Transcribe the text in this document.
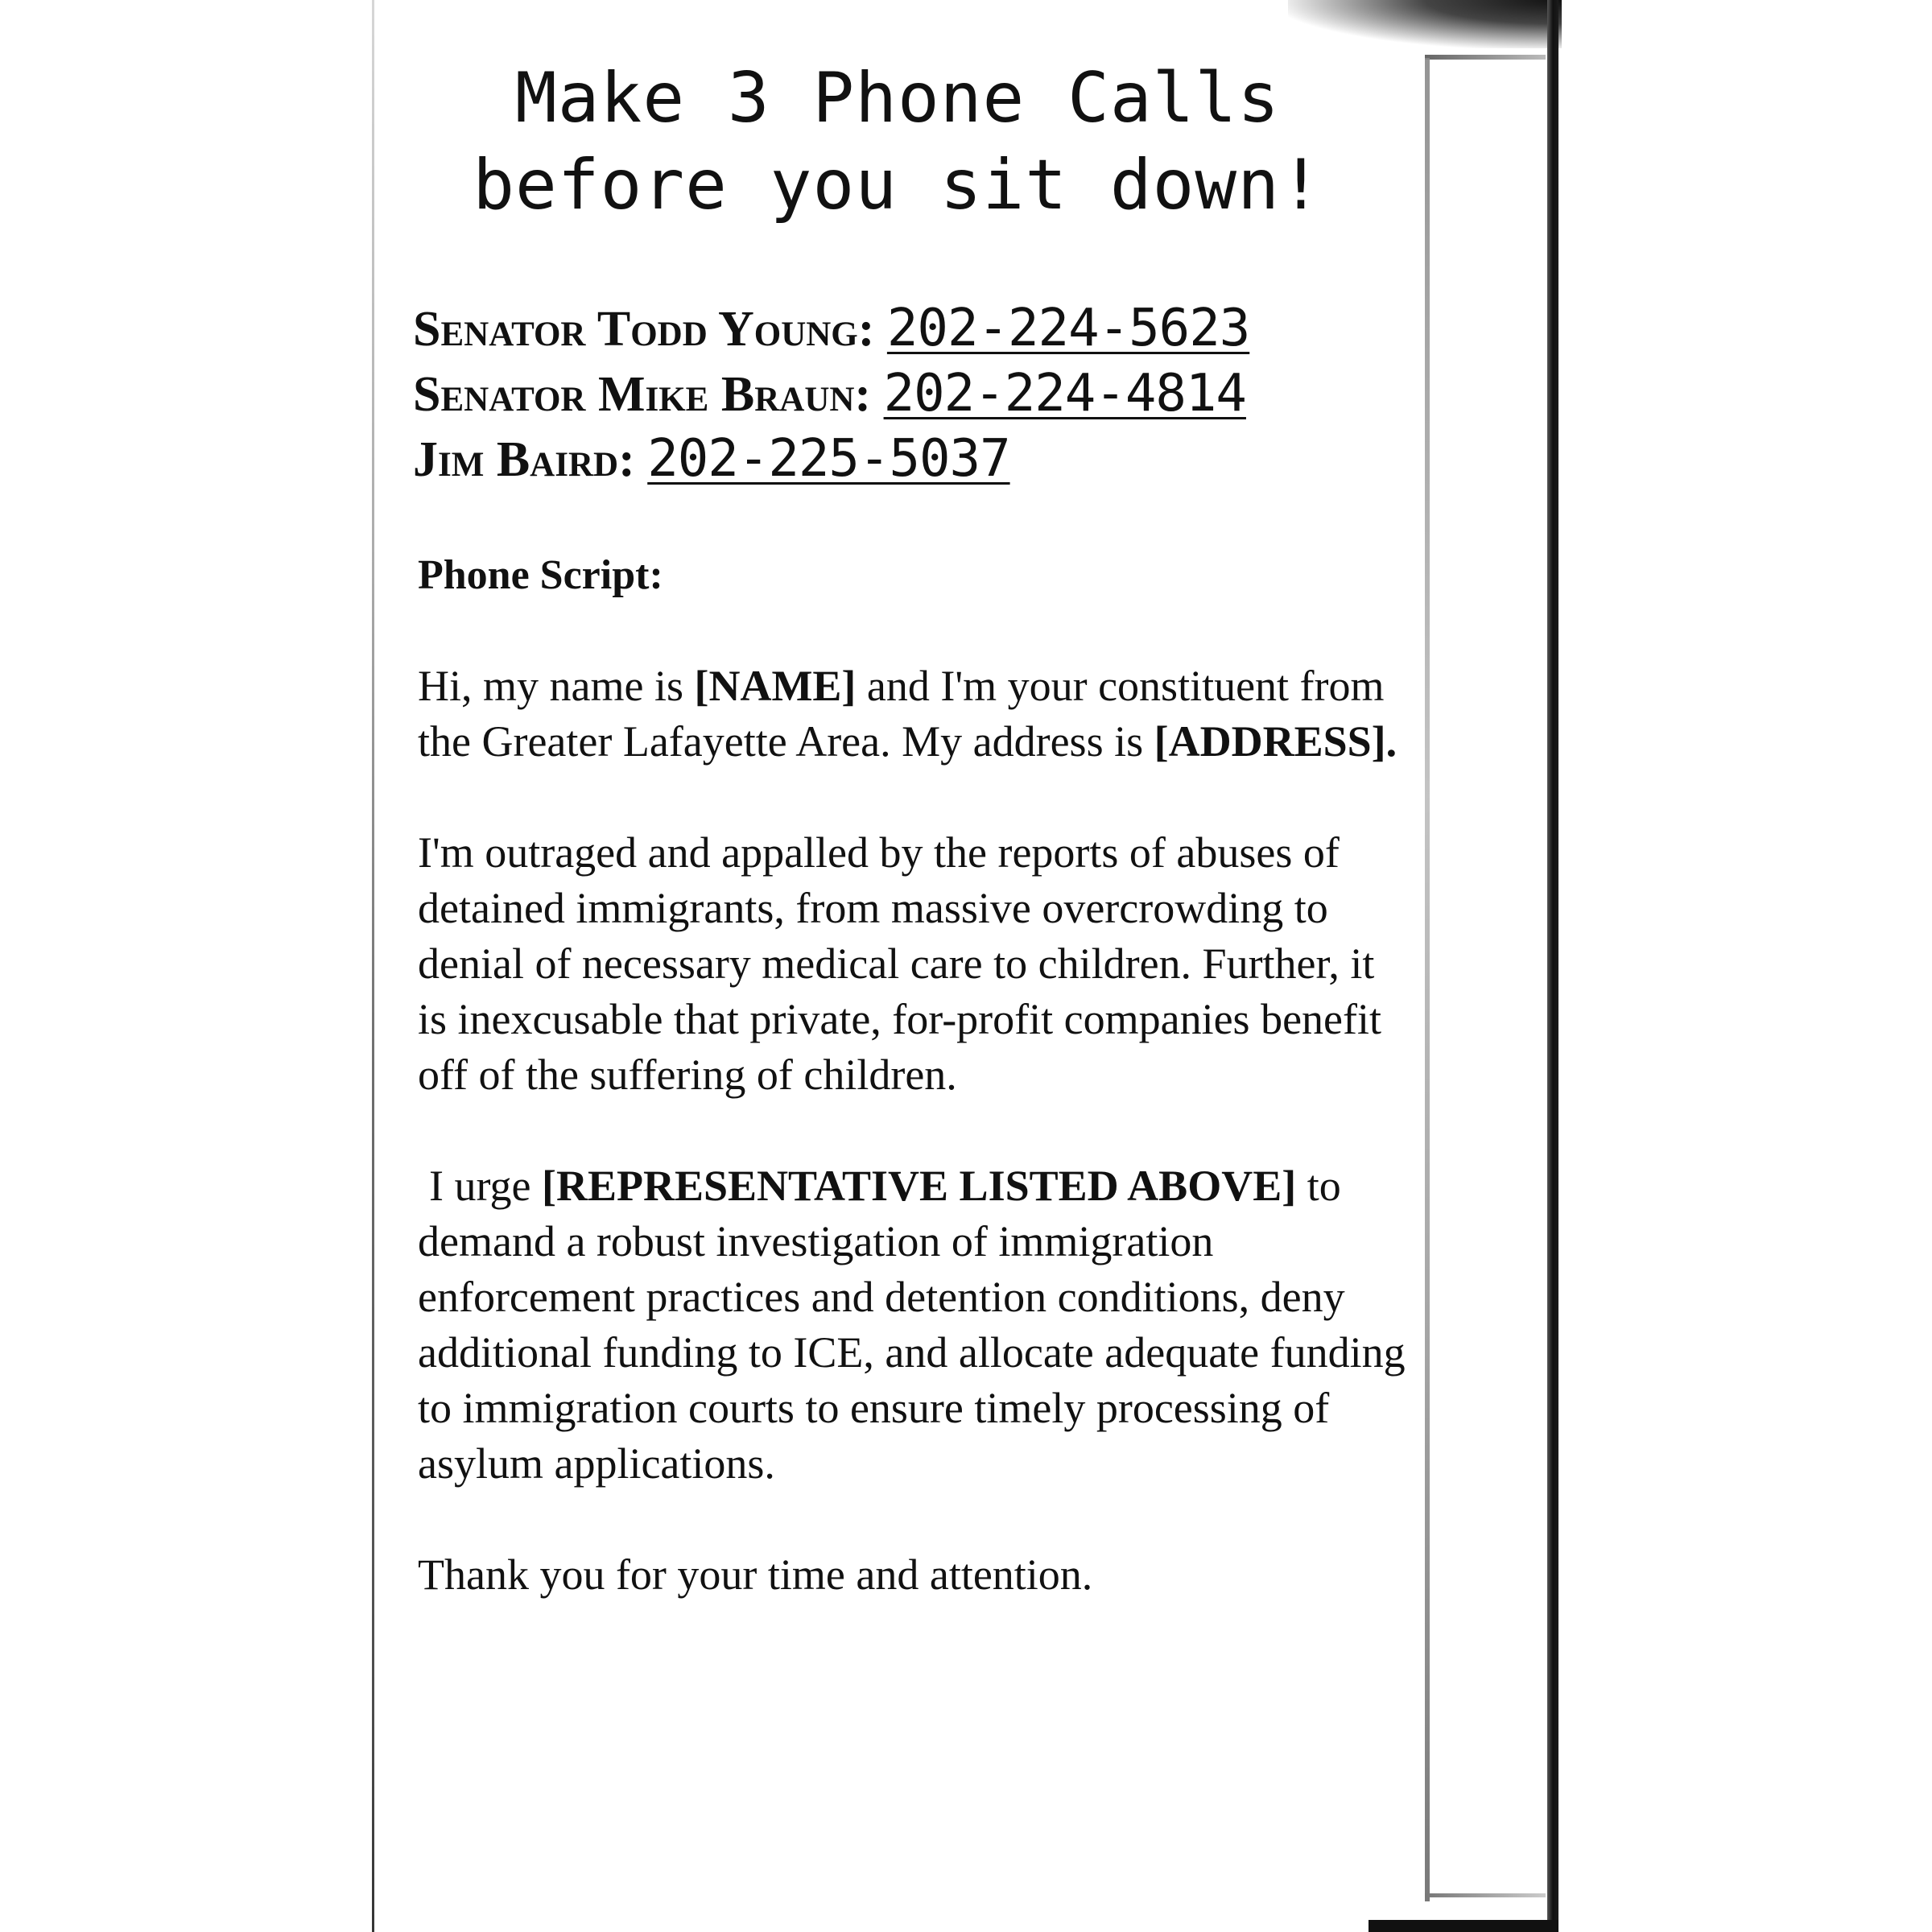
Make 3 Phone Calls
before you sit down!
Senator Todd Young: 202-224-5623
Senator Mike Braun: 202-224-4814
Jim Baird: 202-225-5037

Phone Script:

Hi, my name is [NAME] and I'm your constituent from the Greater Lafayette Area. My address is [ADDRESS].

I'm outraged and appalled by the reports of abuses of detained immigrants, from massive overcrowding to denial of necessary medical care to children. Further, it is inexcusable that private, for-profit companies benefit off of the suffering of children.

I urge [REPRESENTATIVE LISTED ABOVE] to demand a robust investigation of immigration enforcement practices and detention conditions, deny additional funding to ICE, and allocate adequate funding to immigration courts to ensure timely processing of asylum applications.

Thank you for your time and attention.
